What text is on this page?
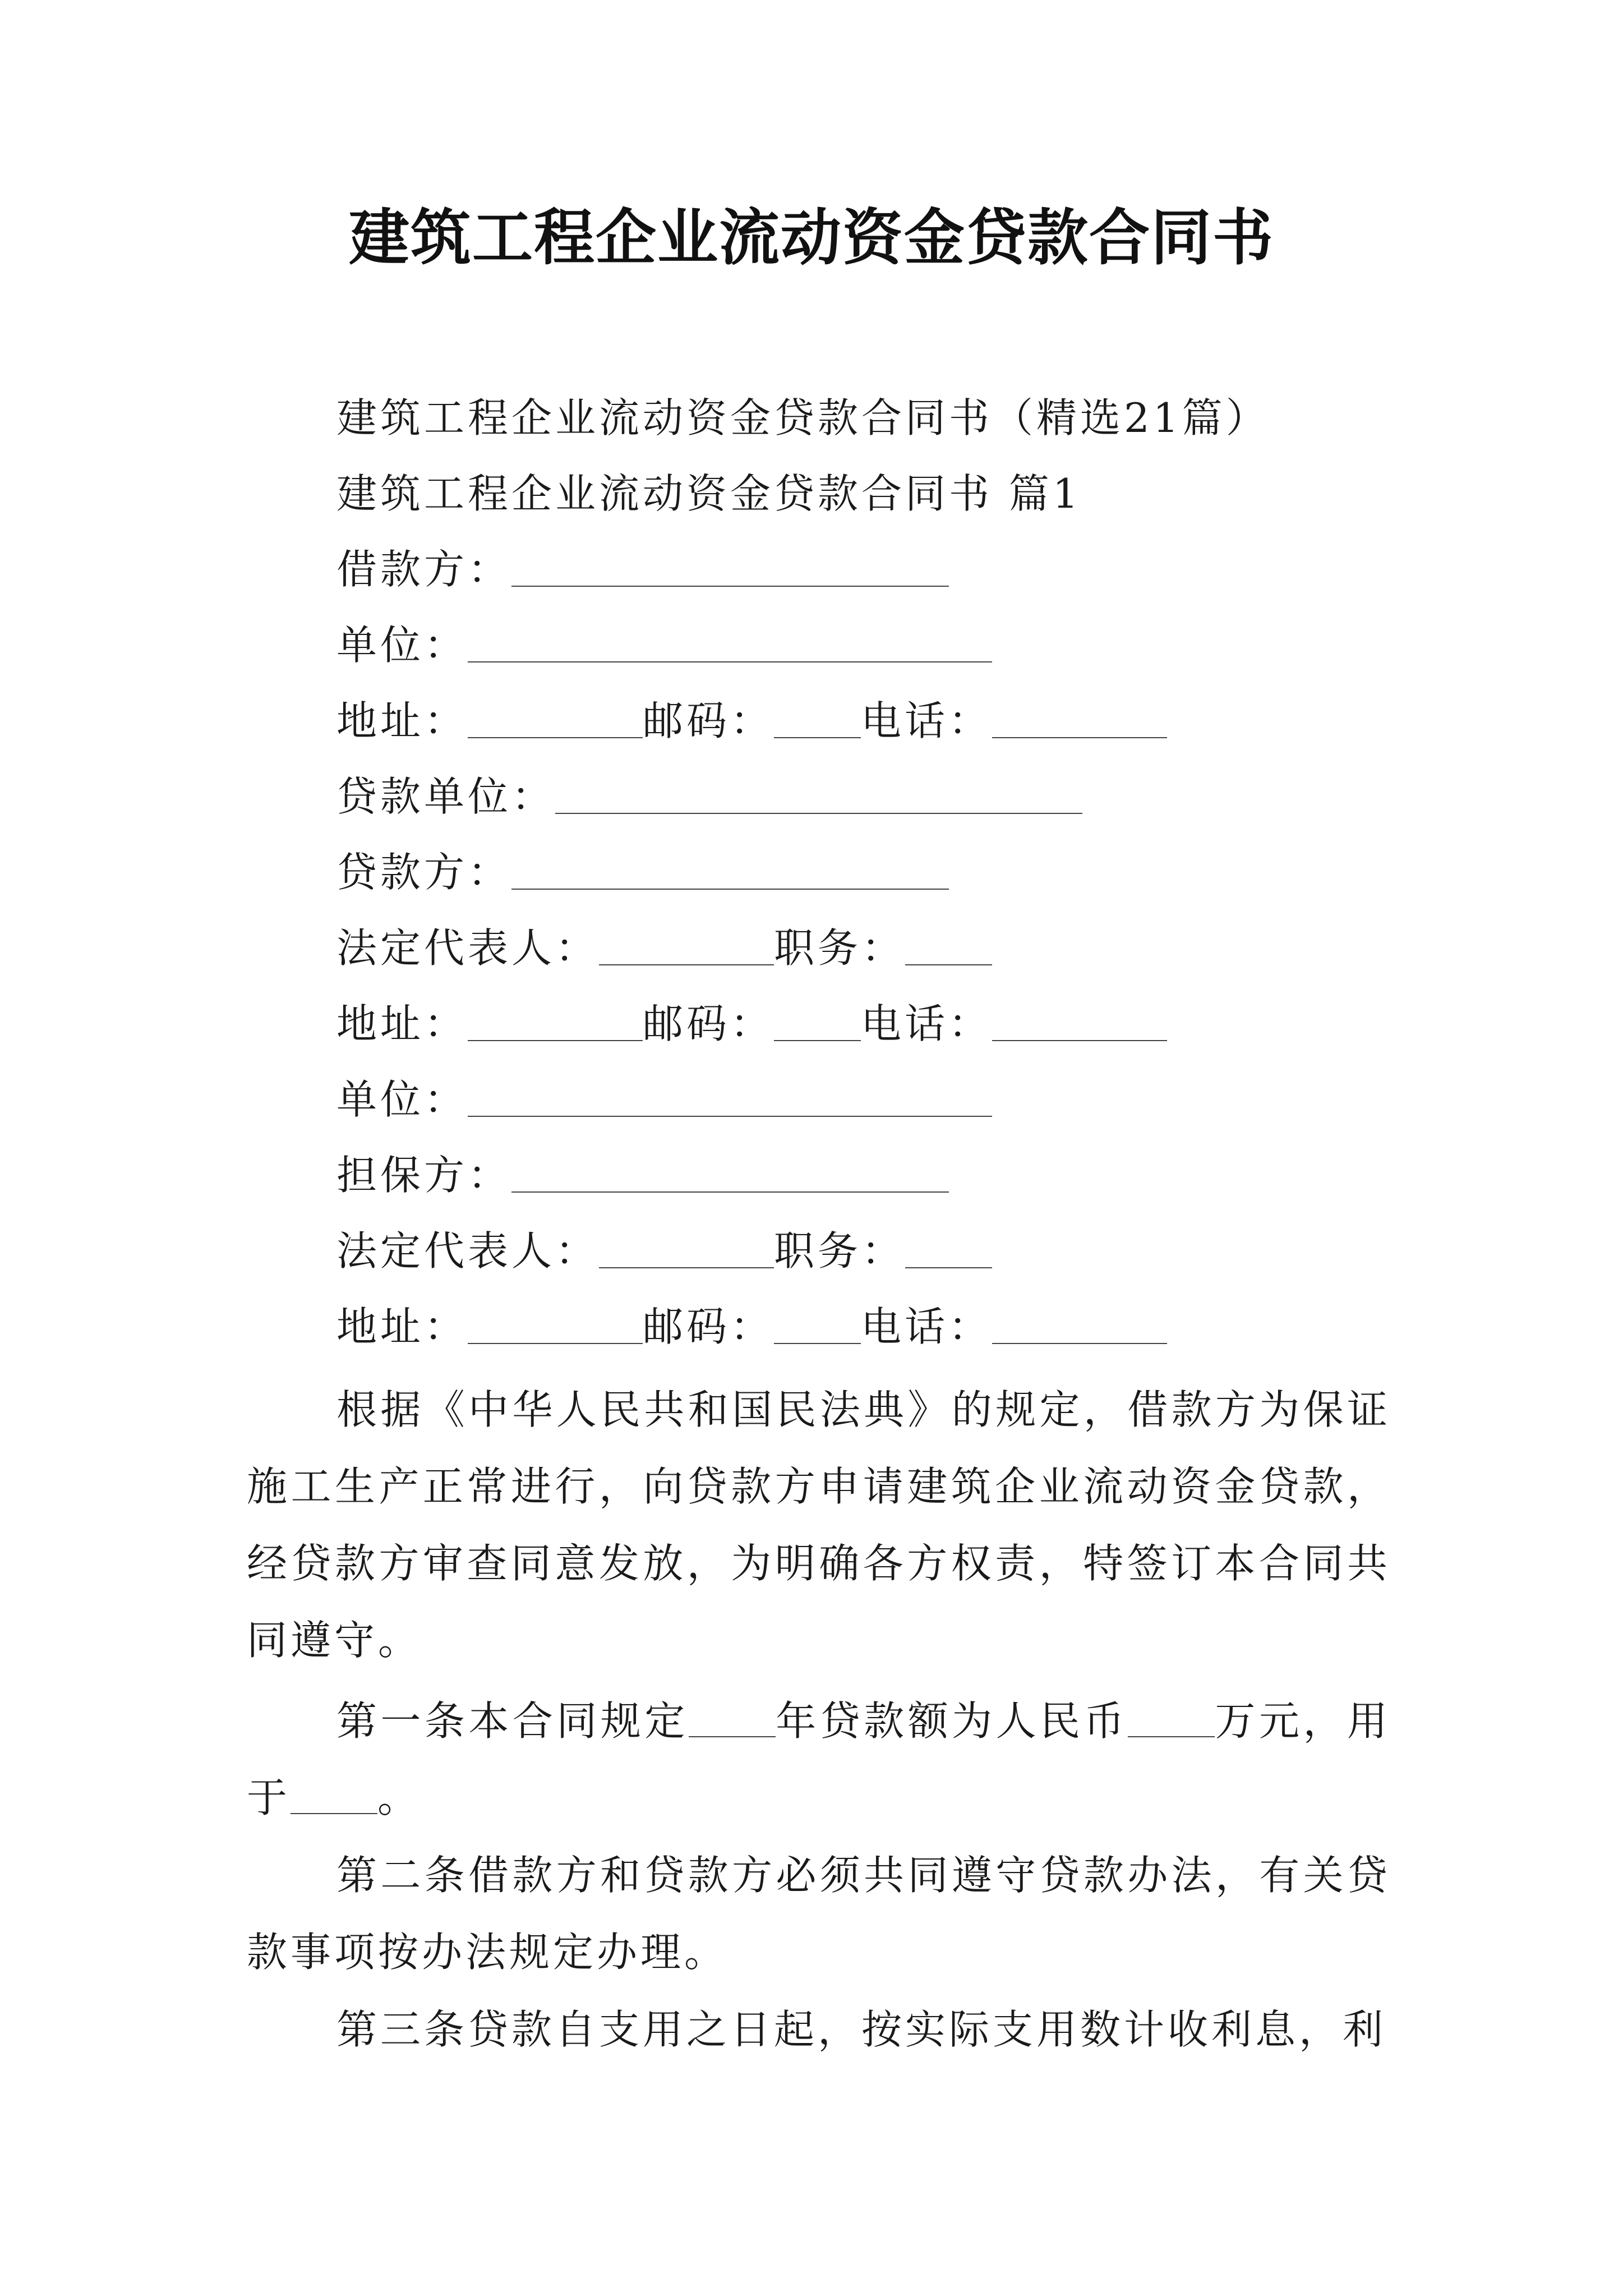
建筑工程企业流动资金贷款合同书
建筑工程企业流动资金贷款合同书（精选21篇）
建筑工程企业流动资金贷款合同书 篇1
借款方：
单位：
地址：	邮码： 电话：
贷款单位：
贷款方：
法定代表人：	职务：
地址：	邮码： 电话：
单位：
担保方：
法定代表人：	职务：
地址：	邮码： 电话：
根据《中华人民共和国民法典》的规定，借款方为保证施工生产正常进行，向贷款方申请建筑企业流动资金贷款，经贷款方审查同意发放，为明确各方权责，特签订本合同共同遵守。
第一条本合同规定 年贷款额为人民币 万元，用于 。
第二条借款方和贷款方必须共同遵守贷款办法，有关贷款事项按办法规定办理。
第三条贷款自支用之日起，按实际支用数计收利息，利
